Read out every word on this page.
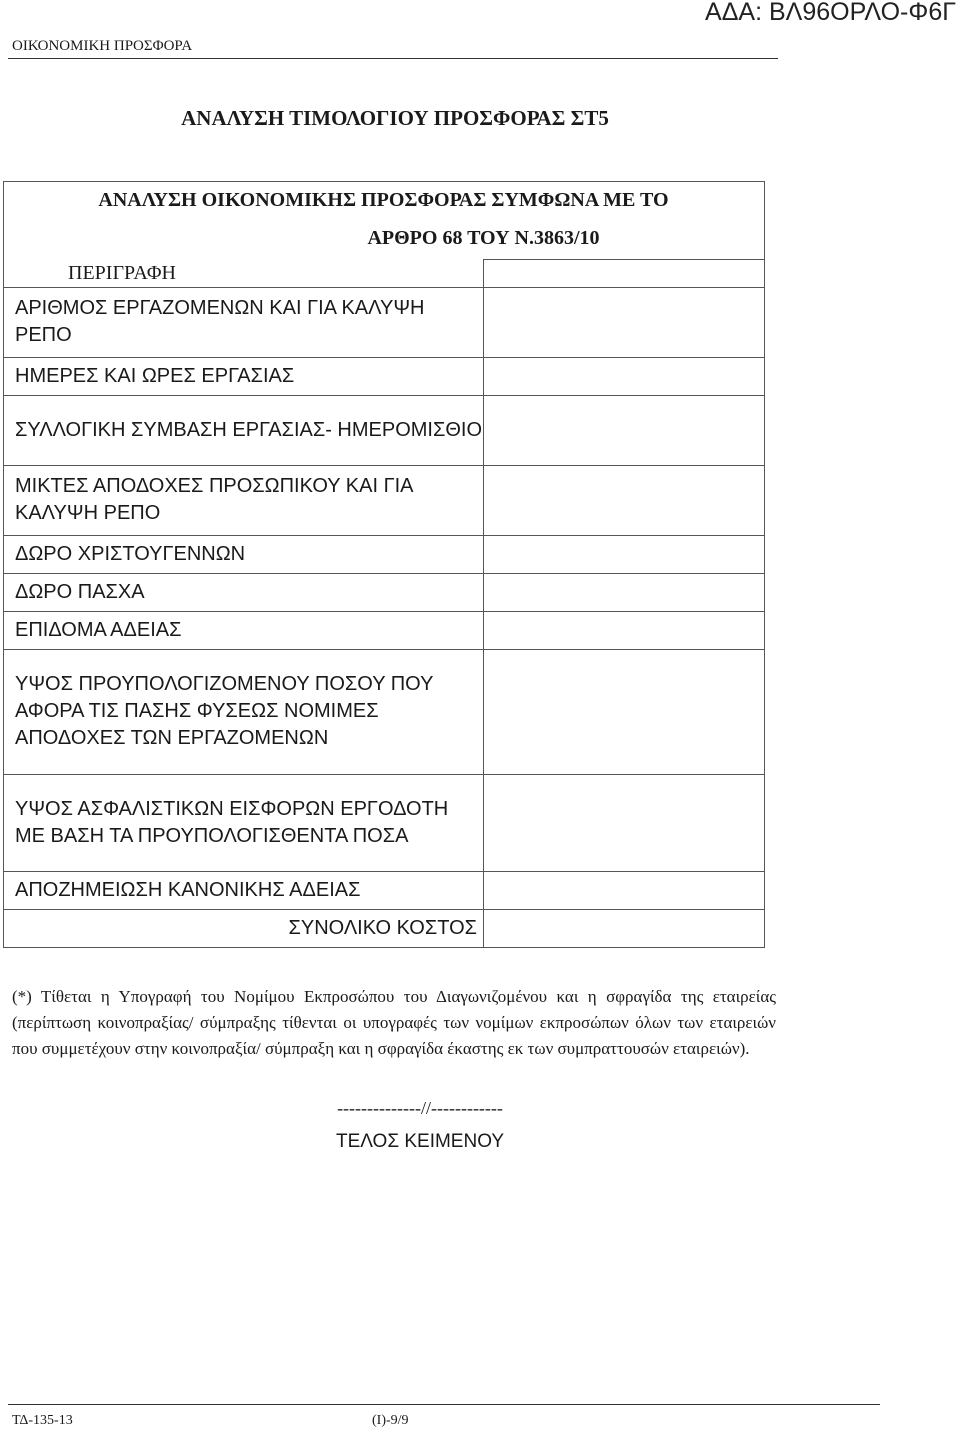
ΟΙΚΟΝΟΜΙΚΗ ΠΡΟΣΦΟΡΑ
ΑΔΑ: ΒΛ96ΟΡΛΟ-Φ6Γ
ΑΝΑΛΥΣΗ ΤΙΜΟΛΟΓΙΟΥ ΠΡΟΣΦΟΡΑΣ ΣΤ5

ΠΕΡΙΓΡΑΦΗ	
ΑΡΙΘΜΟΣ ΕΡΓΑΖΟΜΕΝΩΝ ΚΑΙ ΓΙΑ ΚΑΛΥΨΗ ΡΕΠΟ	
ΗΜΕΡΕΣ ΚΑΙ ΩΡΕΣ ΕΡΓΑΣΙΑΣ	
ΣΥΛΛΟΓΙΚΗ ΣΥΜΒΑΣΗ ΕΡΓΑΣΙΑΣ- ΗΜΕΡΟΜΙΣΘΙΟ	
ΜΙΚΤΕΣ ΑΠΟΔΟΧΕΣ ΠΡΟΣΩΠΙΚΟΥ ΚΑΙ ΓΙΑ ΚΑΛΥΨΗ ΡΕΠΟ	
ΔΩΡΟ ΧΡΙΣΤΟΥΓΕΝΝΩΝ	
ΔΩΡΟ ΠΑΣΧΑ	
ΕΠΙΔΟΜΑ ΑΔΕΙΑΣ	
ΥΨΟΣ ΠΡΟΥΠΟΛΟΓΙΖΟΜΕΝΟΥ ΠΟΣΟΥ ΠΟΥ ΑΦΟΡΑ ΤΙΣ ΠΑΣΗΣ ΦΥΣΕΩΣ ΝΟΜΙΜΕΣ ΑΠΟΔΟΧΕΣ ΤΩΝ ΕΡΓΑΖΟΜΕΝΩΝ	
ΥΨΟΣ ΑΣΦΑΛΙΣΤΙΚΩΝ ΕΙΣΦΟΡΩΝ ΕΡΓΟΔΟΤΗ ΜΕ ΒΑΣΗ ΤΑ ΠΡΟΥΠΟΛΟΓΙΣΘΕΝΤΑ ΠΟΣΑ	
ΑΠΟΖΗΜΕΙΩΣΗ ΚΑΝΟΝΙΚΗΣ ΑΔΕΙΑΣ	
ΣΥΝΟΛΙΚΟ ΚΟΣΤΟΣ	
ΑΝΑΛΥΣΗ ΟΙΚΟΝΟΜΙΚΗΣ ΠΡΟΣΦΟΡΑΣ ΣΥΜΦΩΝΑ ΜΕ ΤΟ
ΑΡΘΡΟ 68 ΤΟΥ Ν.3863/10
(*) Τίθεται η Υπογραφή του Νομίμου Εκπροσώπου του Διαγωνιζομένου και η σφραγίδα της εταιρείας (περίπτωση κοινοπραξίας/ σύμπραξης τίθενται οι υπογραφές των νομίμων εκπροσώπων όλων των εταιρειών που συμμετέχουν στην κοινοπραξία/ σύμπραξη και η σφραγίδα έκαστης εκ των συμπραττουσών εταιρειών).
--------------//------------
ΤΕΛΟΣ ΚΕΙΜΕΝΟΥ
ΤΔ-135-13	(Ι)-9/9
